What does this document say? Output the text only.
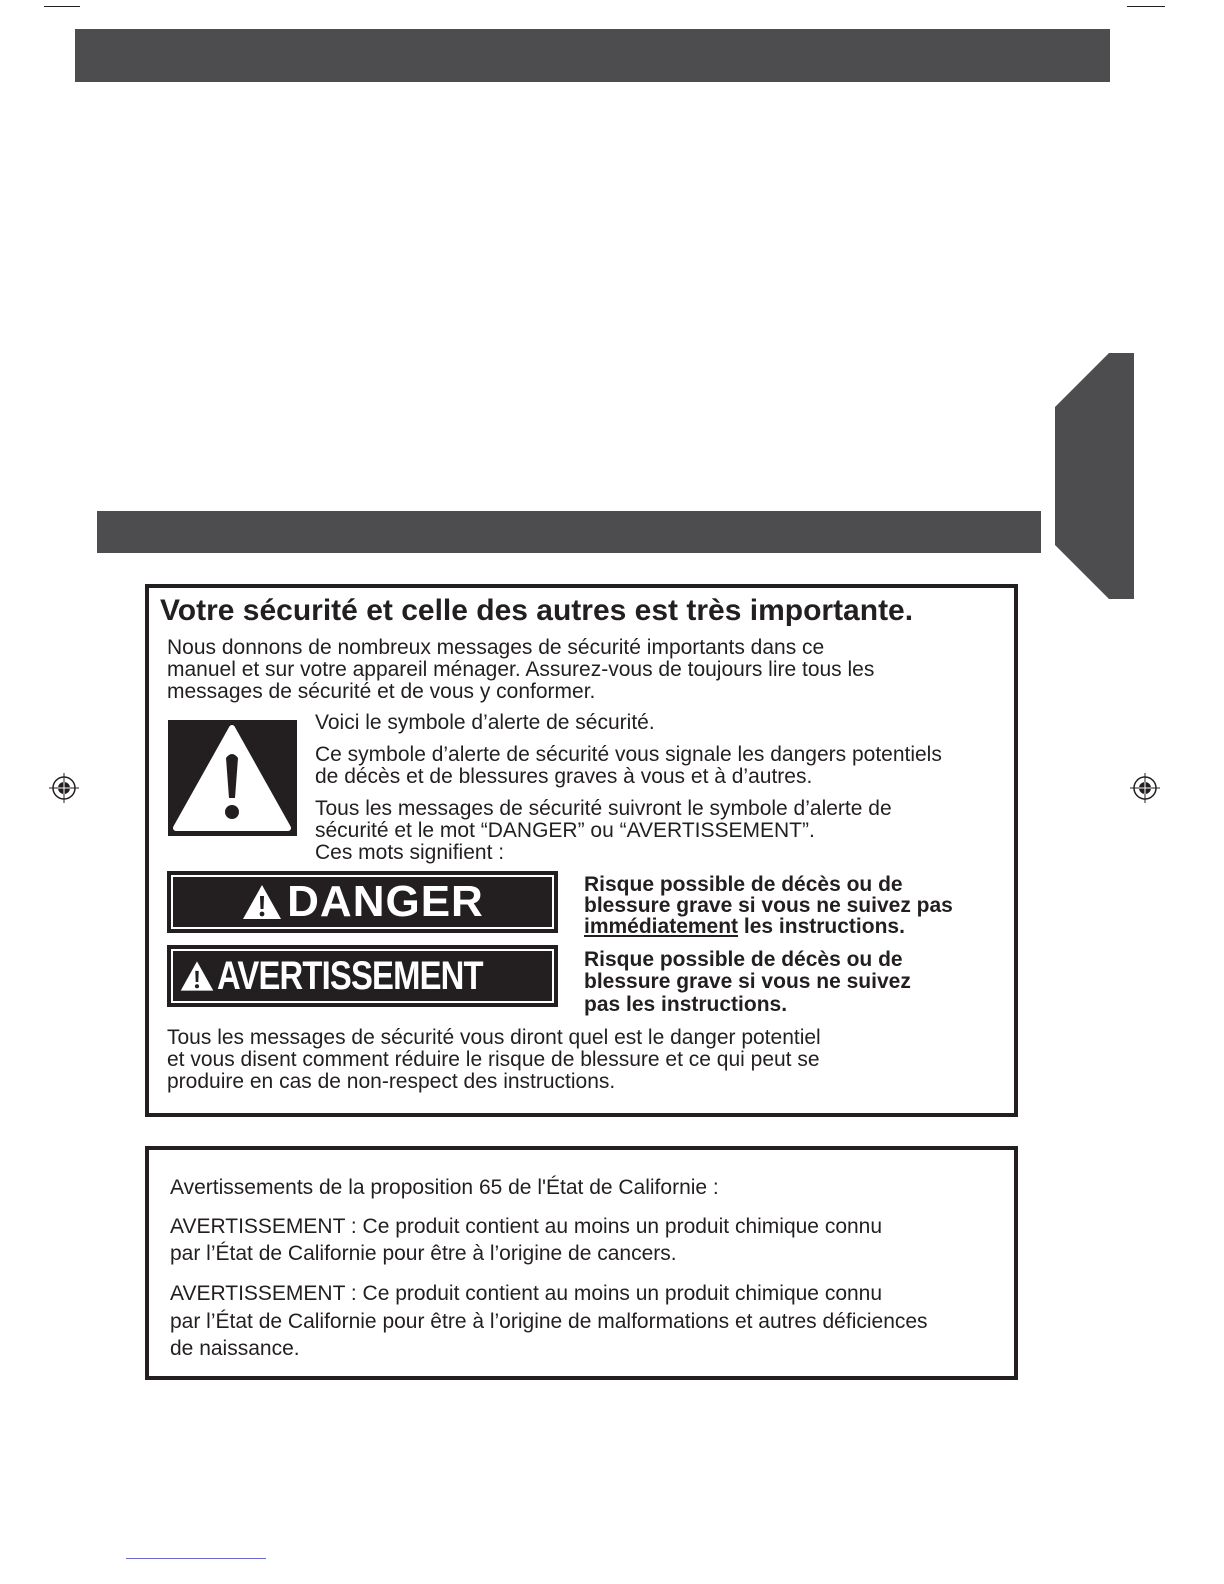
Votre sécurité et celle des autres est très importante.
Nous donnons de nombreux messages de sécurité importants dans ce
manuel et sur votre appareil ménager. Assurez-vous de toujours lire tous les
messages de sécurité et de vous y conformer.
Voici le symbole d’alerte de sécurité.
Ce symbole d’alerte de sécurité vous signale les dangers potentiels
de décès et de blessures graves à vous et à d’autres.
Tous les messages de sécurité suivront le symbole d’alerte de
sécurité et le mot “DANGER” ou “AVERTISSEMENT”.
Ces mots signifient :
DANGER	Risque possible de décès ou de
blessure grave si vous ne suivez pas
immédiatement les instructions.
AVERTISSEMENT	Risque possible de décès ou de
blessure grave si vous ne suivez
pas les instructions.
Tous les messages de sécurité vous diront quel est le danger potentiel
et vous disent comment réduire le risque de blessure et ce qui peut se
produire en cas de non-respect des instructions.
Avertissements de la proposition 65 de l'État de Californie :
AVERTISSEMENT : Ce produit contient au moins un produit chimique connu
par l’État de Californie pour être à l’origine de cancers.
AVERTISSEMENT : Ce produit contient au moins un produit chimique connu
par l’État de Californie pour être à l’origine de malformations et autres déficiences
de naissance.
